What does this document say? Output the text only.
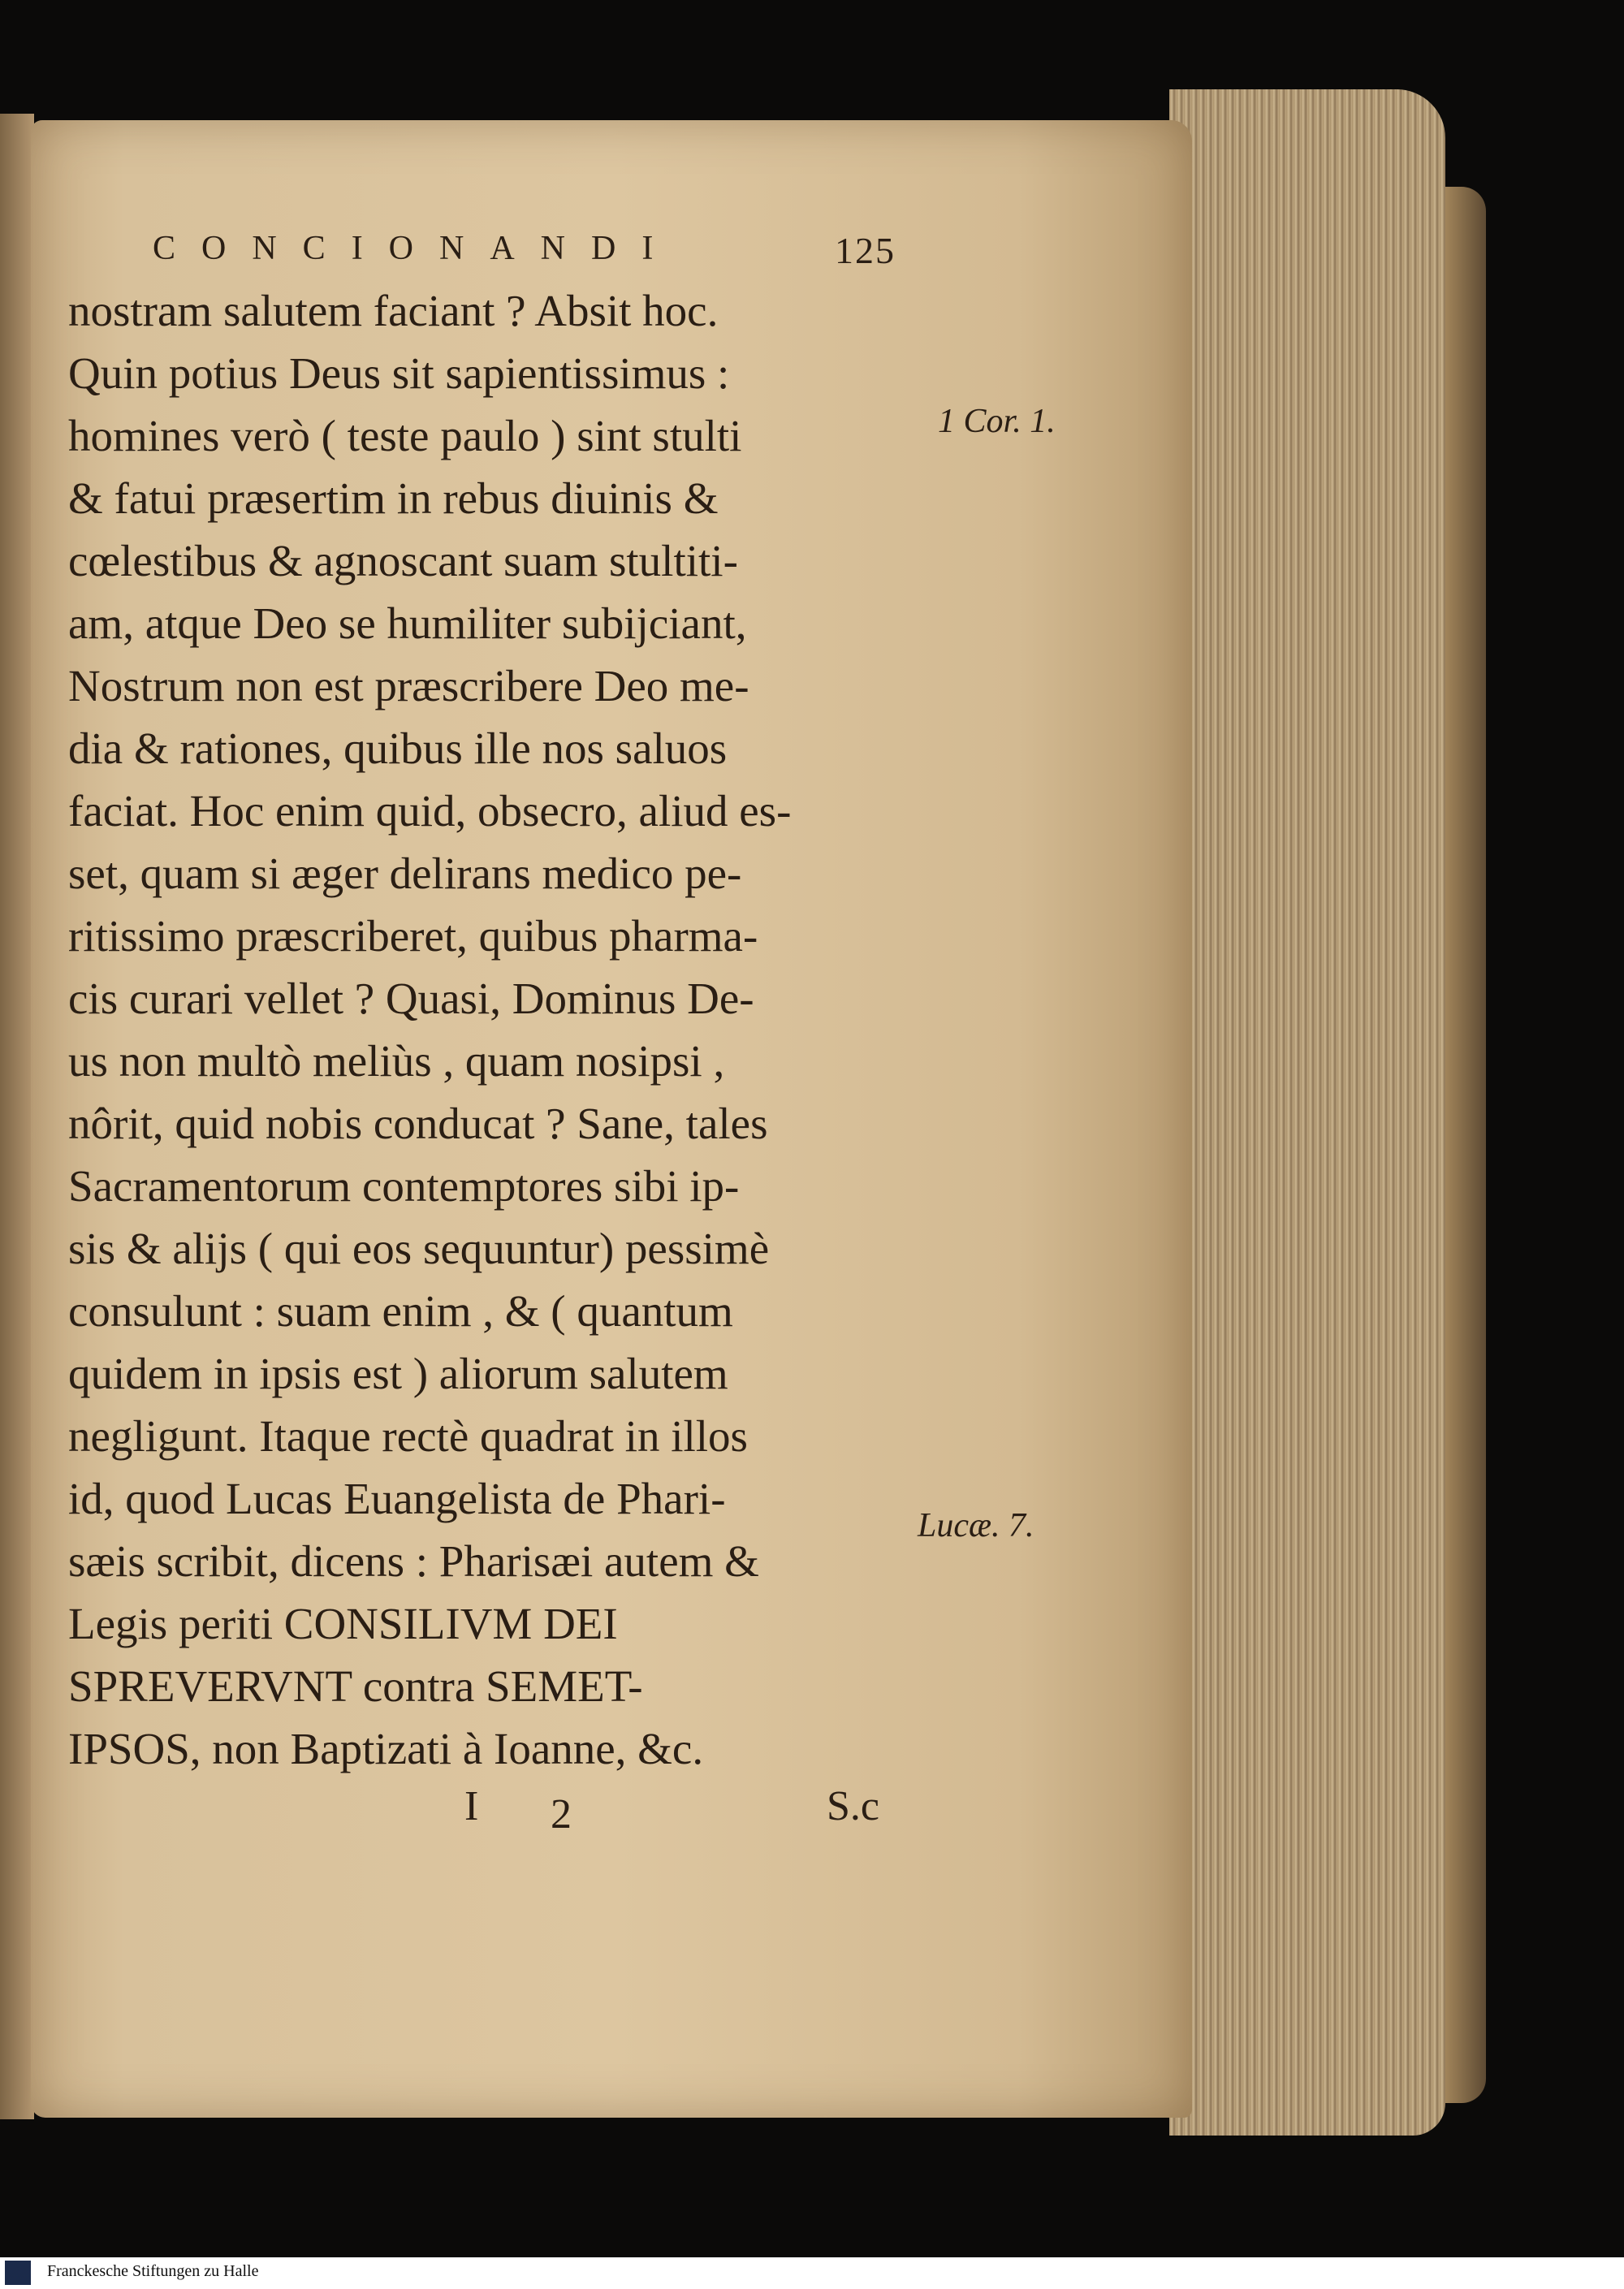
CONCIONANDI	125
nostram salutem faciant ? Absit hoc.
Quin potius Deus sit sapientissimus :
homines verò ( teste paulo ) sint stulti
& fatui præsertim in rebus diuinis &
cœlestibus & agnoscant suam stultiti-
am, atque Deo se humiliter subijciant,
Nostrum non est præscribere Deo me-
dia & rationes, quibus ille nos saluos
faciat. Hoc enim quid, obsecro, aliud es-
set, quam si æger delirans medico pe-
ritissimo præscriberet, quibus pharma-
cis curari vellet ? Quasi, Dominus De-
us non multò meliùs , quam nosipsi ,
nôrit, quid nobis conducat ? Sane, tales
Sacramentorum contemptores sibi ip-
sis & alijs ( qui eos sequuntur) pessimè
consulunt : suam enim , & ( quantum
quidem in ipsis est ) aliorum salutem
negligunt. Itaque rectè quadrat in illos
id, quod Lucas Euangelista de Phari-
sæis scribit, dicens : Pharisæi autem &
Legis periti CONSILIVM DEI
SPREVERVNT contra SEMET-
IPSOS, non Baptizati à Ioanne, &c.
1 Cor. 1.
Lucæ. 7.
I 2	S.c
Franckesche Stiftungen zu Halle
